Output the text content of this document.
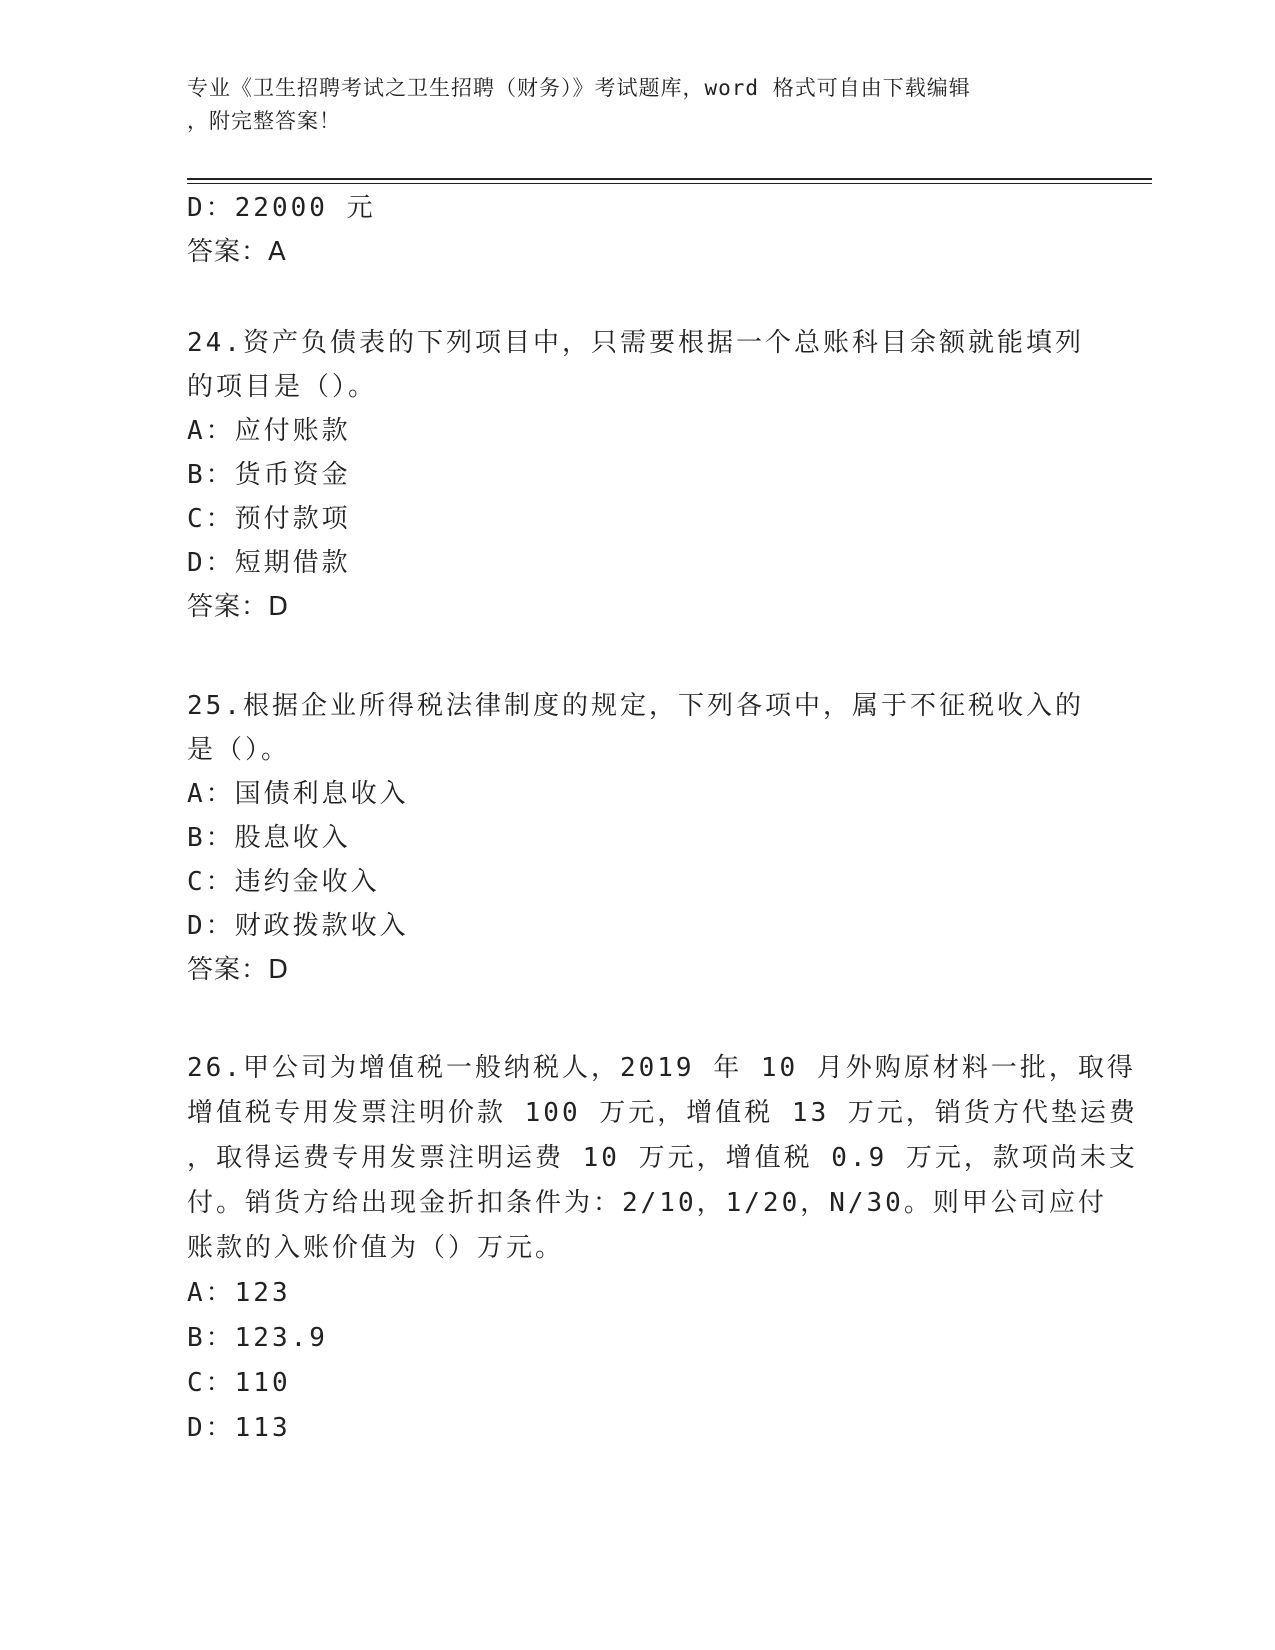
专业《卫生招聘考试之卫生招聘（财务）》考试题库，word 格式可自由下载编辑
，附完整答案！
D：22000 元
答案：A
24.资产负债表的下列项目中，只需要根据一个总账科目余额就能填列
的项目是（）。
A：应付账款
B：货币资金
C：预付款项
D：短期借款
答案：D
25.根据企业所得税法律制度的规定，下列各项中，属于不征税收入的
是（）。
A：国债利息收入
B：股息收入
C：违约金收入
D：财政拨款收入
答案：D
26.甲公司为增值税一般纳税人，2019 年 10 月外购原材料一批，取得
增值税专用发票注明价款 100 万元，增值税 13 万元，销货方代垫运费
，取得运费专用发票注明运费 10 万元，增值税 0.9 万元，款项尚未支
付。销货方给出现金折扣条件为：2/10，1/20，N/30。则甲公司应付
账款的入账价值为（）万元。
A：123
B：123.9
C：110
D：113
